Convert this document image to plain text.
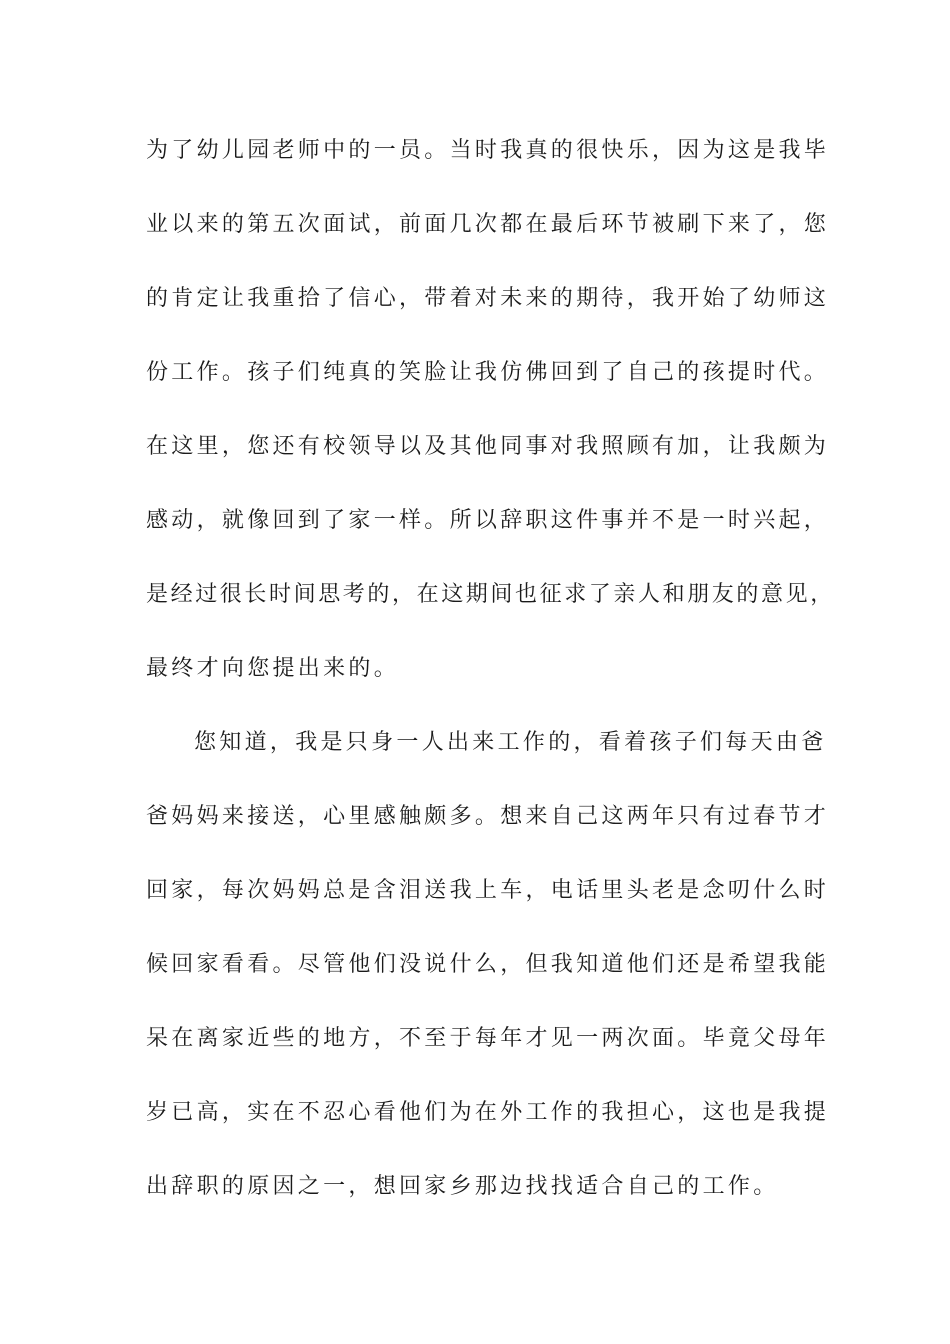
为了幼儿园老师中的一员。当时我真的很快乐，因为这是我毕
业以来的第五次面试，前面几次都在最后环节被刷下来了，您
的肯定让我重拾了信心，带着对未来的期待，我开始了幼师这
份工作。孩子们纯真的笑脸让我仿佛回到了自己的孩提时代。
在这里，您还有校领导以及其他同事对我照顾有加，让我颇为
感动，就像回到了家一样。所以辞职这件事并不是一时兴起，
是经过很长时间思考的，在这期间也征求了亲人和朋友的意见，
最终才向您提出来的。
您知道，我是只身一人出来工作的，看着孩子们每天由爸
爸妈妈来接送，心里感触颇多。想来自己这两年只有过春节才
回家，每次妈妈总是含泪送我上车，电话里头老是念叨什么时
候回家看看。尽管他们没说什么，但我知道他们还是希望我能
呆在离家近些的地方，不至于每年才见一两次面。毕竟父母年
岁已高，实在不忍心看他们为在外工作的我担心，这也是我提
出辞职的原因之一，想回家乡那边找找适合自己的工作。
